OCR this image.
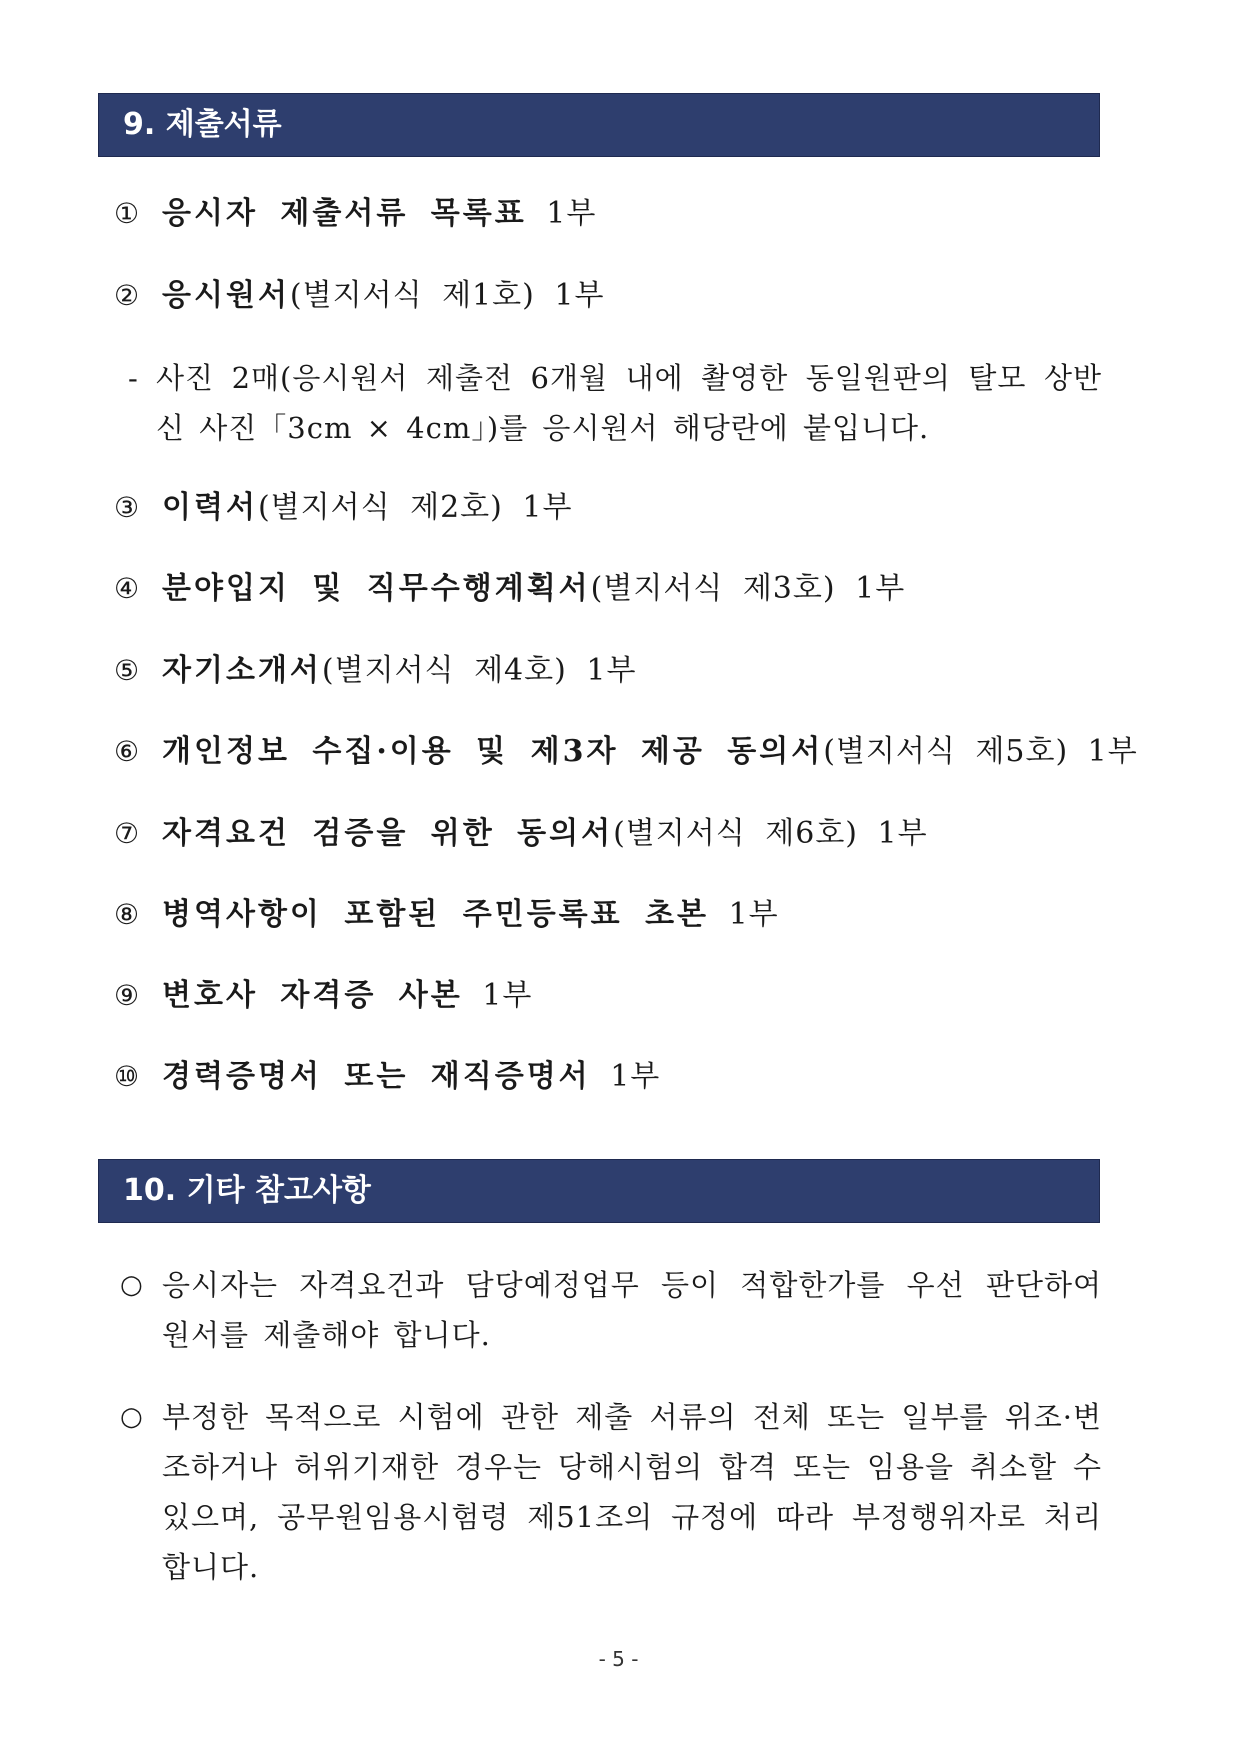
9. 제출서류
① 응시자 제출서류 목록표 1부
② 응시원서(별지서식 제1호) 1부
- 사진 2매(응시원서 제출전 6개월 내에 촬영한 동일원판의 탈모 상반신 사진「3cm × 4cm」)를 응시원서 해당란에 붙입니다.
③ 이력서(별지서식 제2호) 1부
④ 분야입지 및 직무수행계획서(별지서식 제3호) 1부
⑤ 자기소개서(별지서식 제4호) 1부
⑥ 개인정보 수집·이용 및 제3자 제공 동의서(별지서식 제5호) 1부
⑦ 자격요건 검증을 위한 동의서(별지서식 제6호) 1부
⑧ 병역사항이 포함된 주민등록표 초본 1부
⑨ 변호사 자격증 사본 1부
⑩ 경력증명서 또는 재직증명서 1부
10. 기타 참고사항
○ 응시자는 자격요건과 담당예정업무 등이 적합한가를 우선 판단하여 원서를 제출해야 합니다.
○ 부정한 목적으로 시험에 관한 제출 서류의 전체 또는 일부를 위조·변조하거나 허위기재한 경우는 당해시험의 합격 또는 임용을 취소할 수 있으며, 공무원임용시험령 제51조의 규정에 따라 부정행위자로 처리합니다.
- 5 -
